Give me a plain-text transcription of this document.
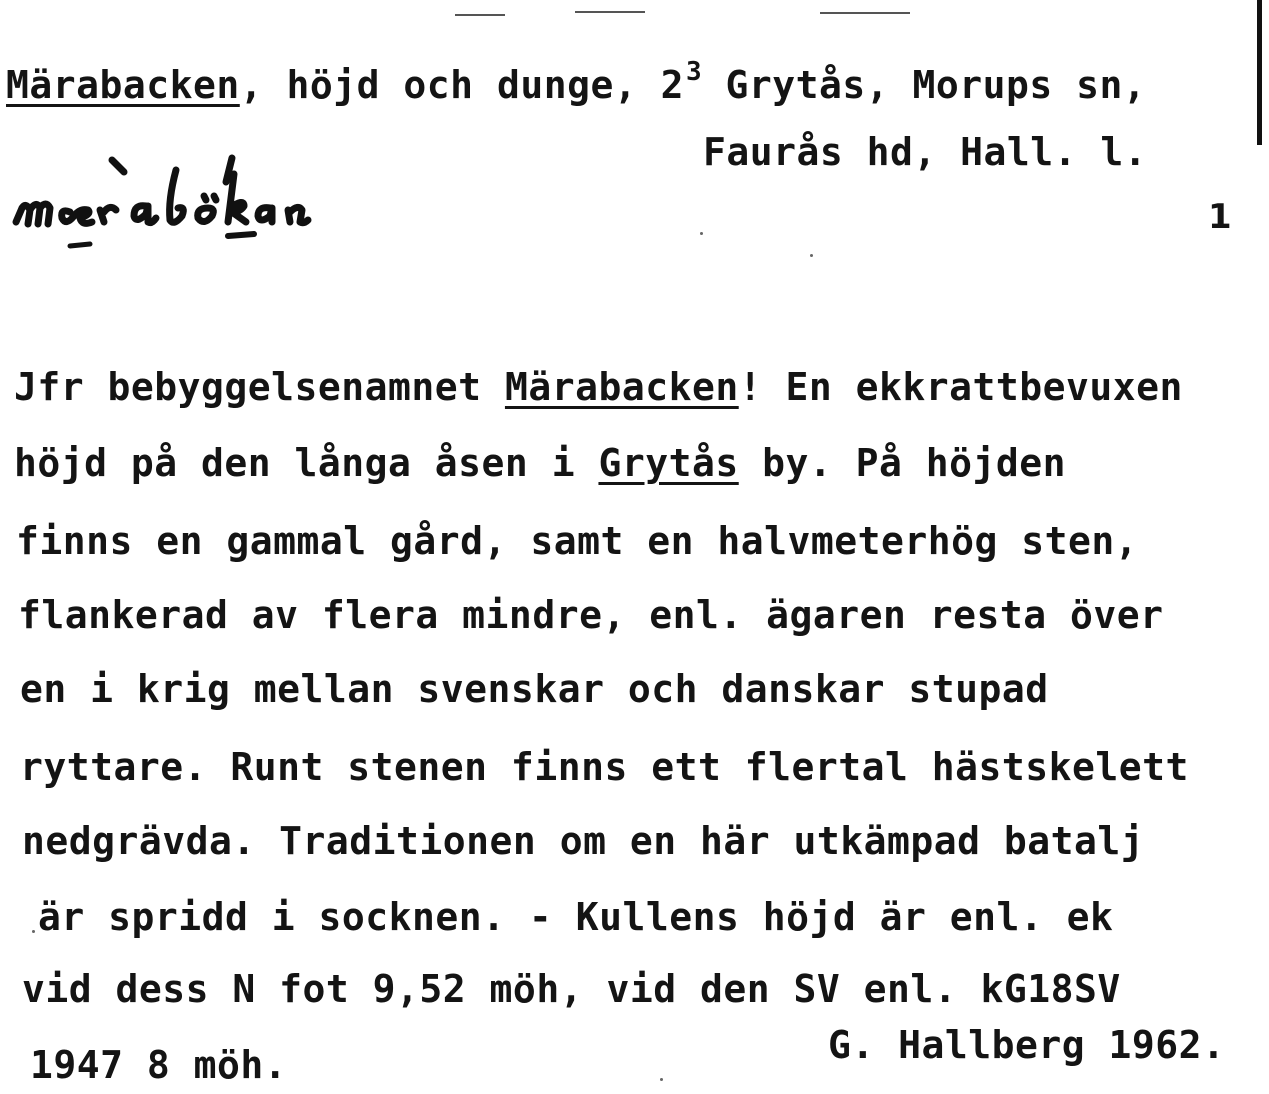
Märabacken, höjd och dunge, $2^3$ Grytås, Morups sn,
Faurås hd, Hall. l.
1
Jfr bebyggelsenamnet Märabacken! En ekkrattbevuxen
höjd på den långa åsen i Grytås by. På höjden
finns en gammal gård, samt en halvmeterhög sten,
flankerad av flera mindre, enl. ägaren resta över
en i krig mellan svenskar och danskar stupad
ryttare. Runt stenen finns ett flertal hästskelett
nedgrävda. Traditionen om en här utkämpad batalj
är spridd i socknen. - Kullens höjd är enl. ek
vid dess N fot 9,52 möh, vid den SV enl. kG18SV
1947 8 möh.	G. Hallberg 1962.
